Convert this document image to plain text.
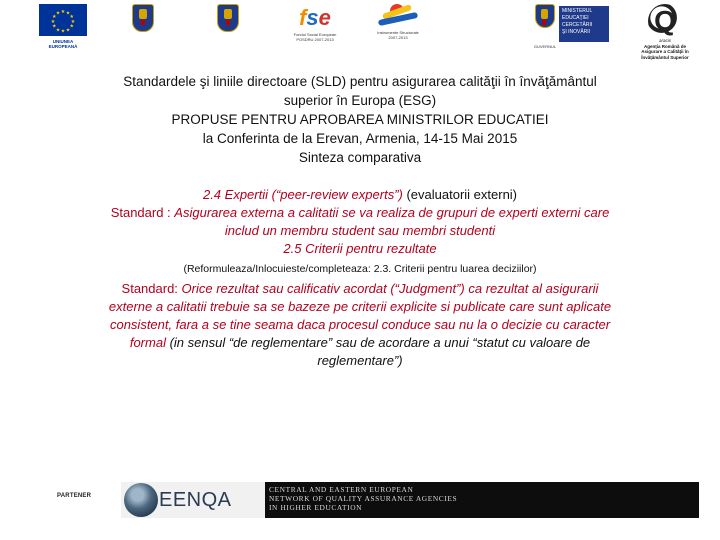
★ ★
★
★
★
★
★
★
★
★
★
★
UNIUNEA EUROPEANĂ
fse
Fondul Social European
POSDRU 2007-2013
Instrumente Structurale
2007-2013
MINISTERUL
EDUCAŢIEI
CERCETĂRII
ŞI INOVĂRII
GUVERNUL
Q
aracis
Agenţia Română de
Asigurare a Calităţii în
Învăţământul Superior
Standardele şi liniile directoare (SLD) pentru asigurarea calităţii în învăţământul
superior în Europa (ESG)
PROPUSE PENTRU APROBAREA MINISTRILOR EDUCATIEI
la Conferinta de la Erevan, Armenia, 14-15 Mai 2015
Sinteza comparativa

2.4 Expertii (“peer-review experts”) (evaluatorii externi)

Standard : Asigurarea externa a calitatii se va realiza de grupuri de experti externi care includ un membru student sau membri studenti

2.5 Criterii pentru rezultate

(Reformuleaza/Inlocuieste/completeaza: 2.3. Criterii pentru luarea deciziilor)

Standard: Orice rezultat sau calificativ acordat (“Judgment”) ca rezultat al asigurarii externe a calitatii trebuie sa se bazeze pe criterii explicite si publicate care sunt aplicate consistent, fara a se tine seama daca procesul conduce sau nu la o decizie cu caracter formal (in sensul “de reglementare” sau de acordare a unui “statut cu valoare de reglementare”)

PARTENER	EENQA	CENTRAL AND EASTERN EUROPEAN
NETWORK OF QUALITY ASSURANCE AGENCIES
IN HIGHER EDUCATION
